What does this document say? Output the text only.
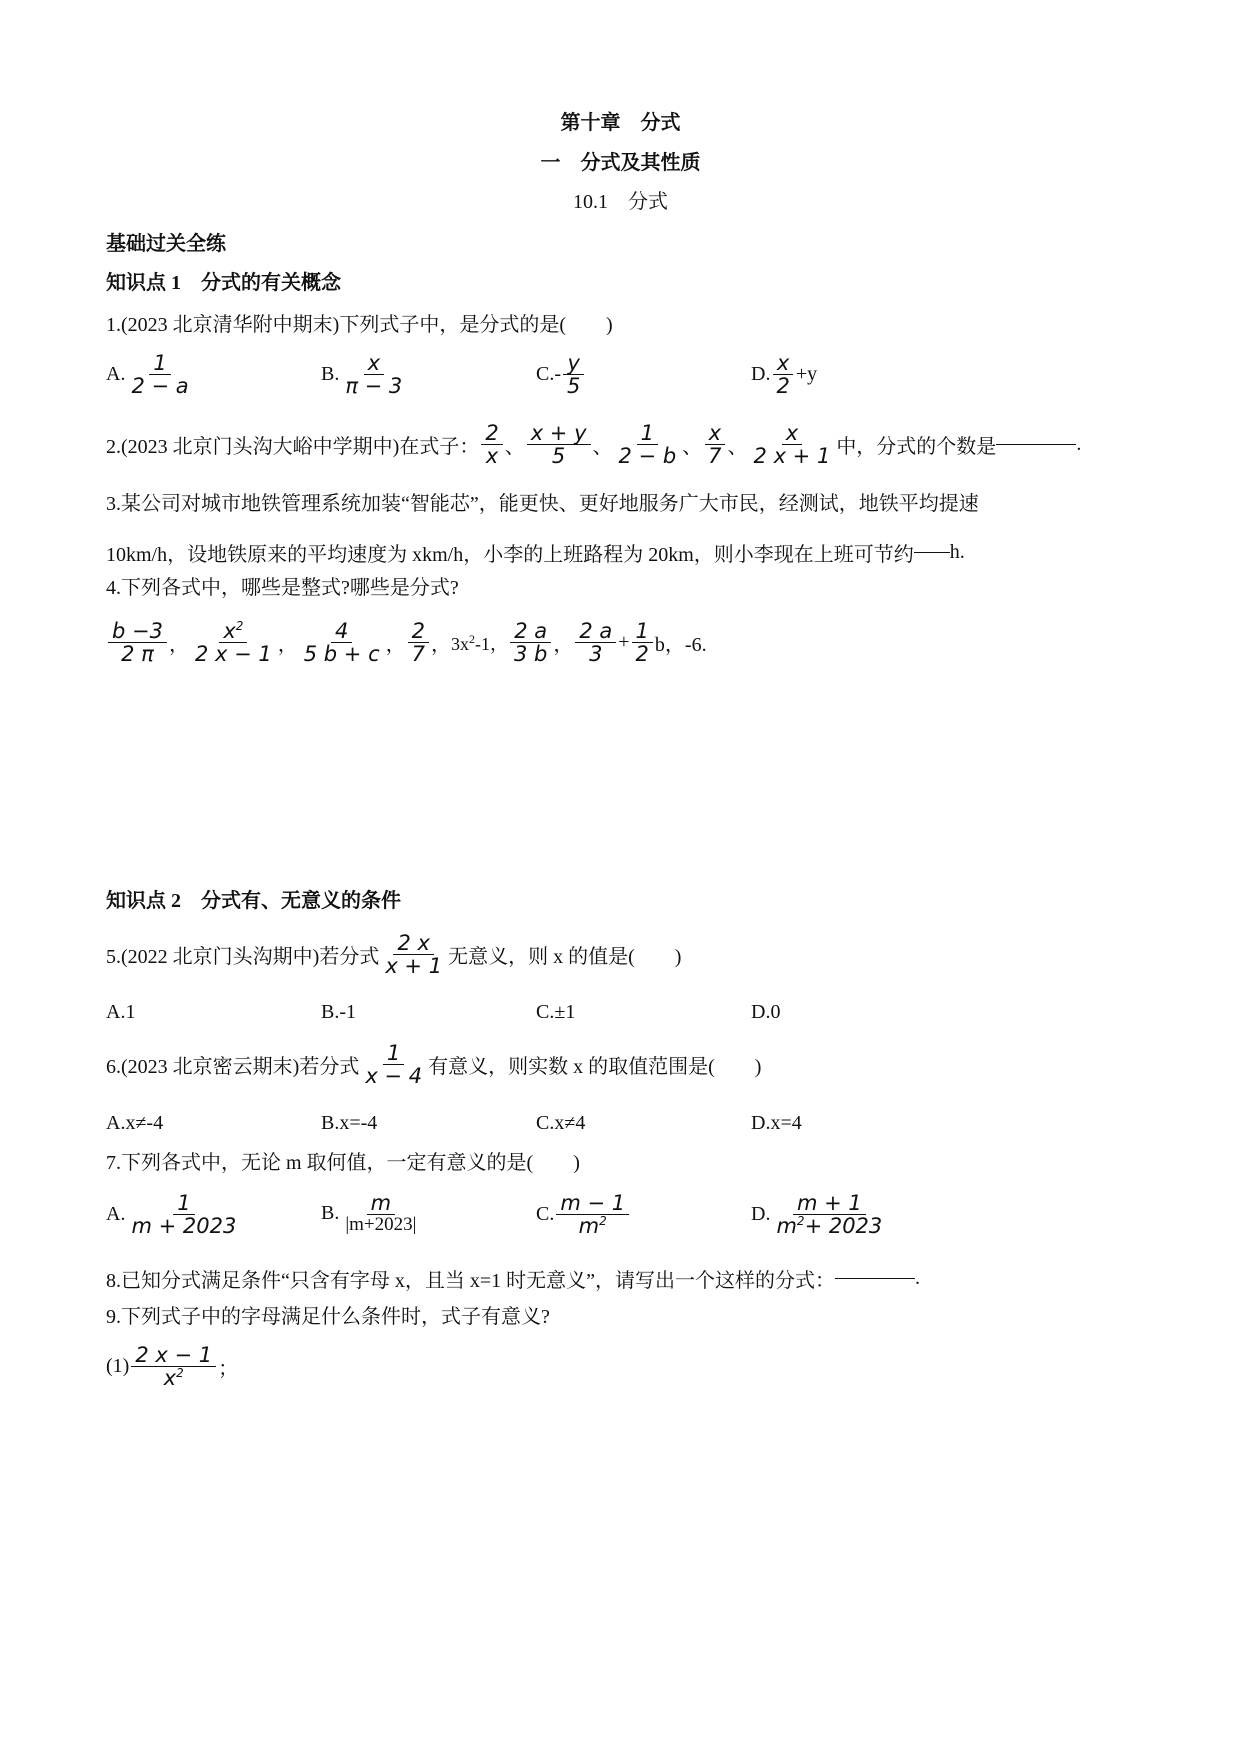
第十章　分式
一　分式及其性质
10.1　分式
基础过关全练
知识点 1　分式的有关概念
1.(2023 北京清华附中期末)下列式子中，是分式的是(　　)
A. $\frac{1}{2 - a}$	B. $\frac{x}{\pi - 3}$	$C.- \frac{y}{5}$	D. $\frac{x}{2} +y$
2.(2023 北京门头沟大峪中学期中)在式子： $\frac{2}{x}$ 、 $\frac{x + y}{5}$ 、 $\frac{1}{2 - b}$ 、 $\frac{x}{7}$ 、 $\frac{x}{2 x + 1}$ 中，分式的个数是	.
3.某公司对城市地铁管理系统加装“智能芯”，能更快、更好地服务广大市民，经测试，地铁平均提速
10km/h，设地铁原来的平均速度为 xkm/h，小李的上班路程为 20km，则小李现在上班可节约 h.
4.下列各式中，哪些是整式?哪些是分式?
$\frac{b -3}{2 \pi}$ ， $\frac{x^2}{2 x - 1}$ ， $\frac{4}{5 b + c}$ ， $\frac{2}{7}$ ， $3x^2-1$， $\frac{2 a}{3 b}$ ， $\frac{2 a}{3} + \frac{1}{2}$ b，-6.
知识点 2　分式有、无意义的条件
5.(2022 北京门头沟期中)若分式 $\frac{2 x}{x + 1}$ 无意义，则 x 的值是(　　)
A.1	B.-1	C.±1	D.0
6.(2023 北京密云期末)若分式 $\frac{1}{x - 4}$ 有意义，则实数 x 的取值范围是(　　)
A.x≠-4	B.x=-4	C.x≠4	D.x=4
7.下列各式中，无论 m 取何值，一定有意义的是(　　)
A. $\frac{1}{m + 2023}$	B. $\frac{m}{|m+2023|}$	C. $\frac{m - 1}{m^2}$	D. $\frac{m + 1}{m^2+ 2023}$
8.已知分式满足条件“只含有字母 x，且当 x=1 时无意义”，请写出一个这样的分式：	.
9.下列式子中的字母满足什么条件时，式子有意义?
$(1) \frac{2 x - 1}{x^2}$ ；
